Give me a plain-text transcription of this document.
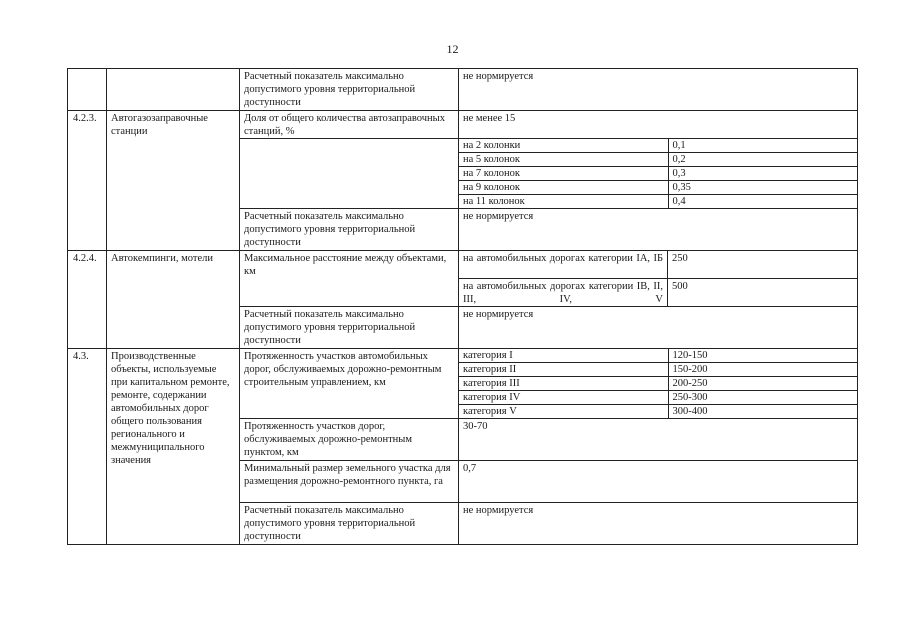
12
		Расчетный показатель максимально допустимого уровня территориальной доступности	не нормируется
4.2.3.	Автогазозаправочные станции	Доля от общего количества автозаправочных станций, %	не менее 15

на 2 колонки	0,1
на 5 колонок	0,2
на 7 колонок	0,3
на 9 колонок	0,35
на 11 колонок	0,4

Расчетный показатель максимально допустимого уровня территориальной доступности	не нормируется
4.2.4.	Автокемпинги, мотели	Максимальное расстояние между объектами, км	на автомобильных дорогах категории IA, IБ	250
на автомобильных дорогах категории IB, II, III, IV, V	500
Расчетный показатель максимально допустимого уровня территориальной доступности	не нормируется
4.3.	Производственные объекты, используемые при капитальном ремонте, ремонте, содержании автомобильных дорог общего пользования регионального и межмуниципального значения	Протяженность участков автомобильных дорог, обслуживаемых дорожно-ремонтным строительным управлением, км	
категория I	120-150
категория II	150-200
категория III	200-250
категория IV	250-300
категория V	300-400

Протяженность участков дорог, обслуживаемых дорожно-ремонтным пунктом, км	30-70
Минимальный размер земельного участка для размещения дорожно-ремонтного пункта, га	0,7
Расчетный показатель максимально допустимого уровня территориальной доступности	не нормируется
